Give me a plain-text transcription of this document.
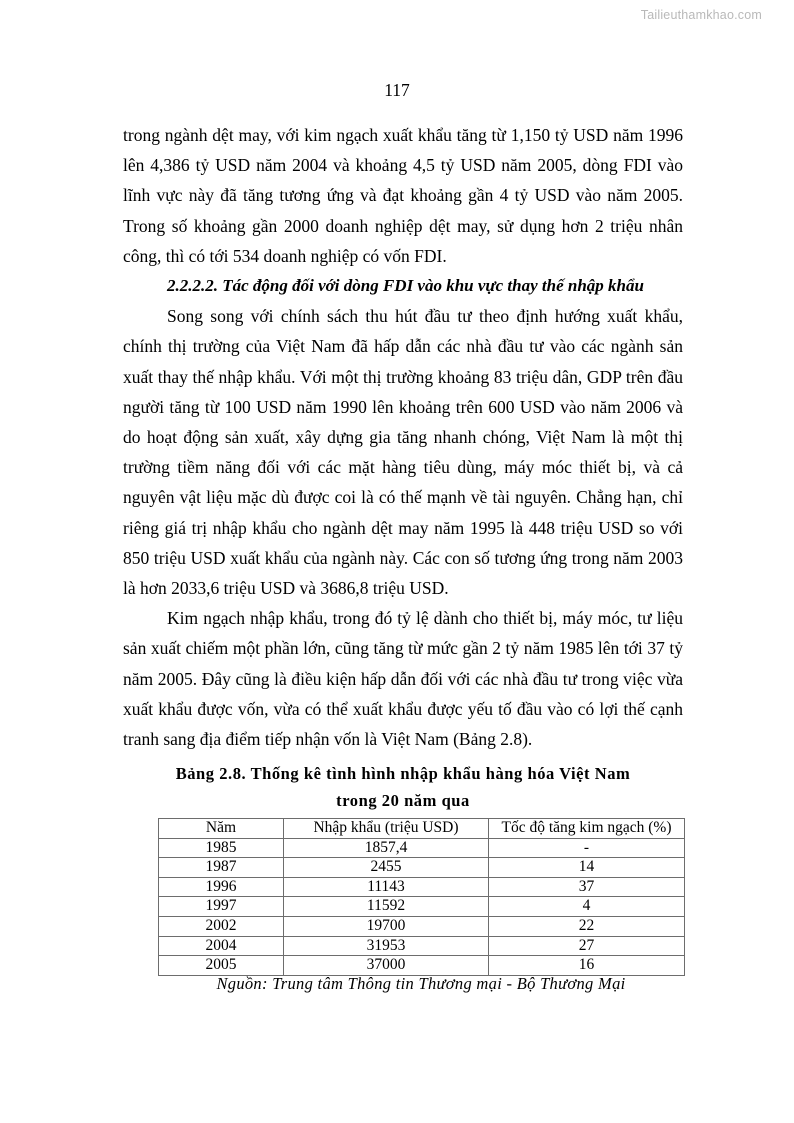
Tailieuthamkhao.com
117

trong ngành dệt may, với kim ngạch xuất khẩu tăng từ 1,150 tỷ USD năm 1996 lên 4,386 tỷ USD năm 2004 và khoảng 4,5 tỷ USD năm 2005, dòng FDI vào lĩnh vực này đã tăng tương ứng và đạt khoảng gần 4 tỷ USD vào năm 2005. Trong số khoảng gần 2000 doanh nghiệp dệt may, sử dụng hơn 2 triệu nhân công, thì có tới 534 doanh nghiệp có vốn FDI.

2.2.2.2. Tác động đối với dòng FDI vào khu vực thay thế nhập khẩu

Song song với chính sách thu hút đầu tư theo định hướng xuất khẩu, chính thị trường của Việt Nam đã hấp dẫn các nhà đầu tư vào các ngành sản xuất thay thế nhập khẩu. Với một thị trường khoảng 83 triệu dân, GDP trên đầu người tăng từ 100 USD năm 1990 lên khoảng trên 600 USD vào năm 2006 và do hoạt động sản xuất, xây dựng gia tăng nhanh chóng, Việt Nam là một thị trường tiềm năng đối với các mặt hàng tiêu dùng, máy móc thiết bị, và cả nguyên vật liệu mặc dù được coi là có thế mạnh về tài nguyên. Chẳng hạn, chỉ riêng giá trị nhập khẩu cho ngành dệt may năm 1995 là 448 triệu USD so với 850 triệu USD xuất khẩu của ngành này. Các con số tương ứng trong năm 2003 là hơn 2033,6 triệu USD và 3686,8 triệu USD.

Kim ngạch nhập khẩu, trong đó tỷ lệ dành cho thiết bị, máy móc, tư liệu sản xuất chiếm một phần lớn, cũng tăng từ mức gần 2 tỷ năm 1985 lên tới 37 tỷ năm 2005. Đây cũng là điều kiện hấp dẫn đối với các nhà đầu tư trong việc vừa xuất khẩu được vốn, vừa có thể xuất khẩu được yếu tố đầu vào có lợi thế cạnh tranh sang địa điểm tiếp nhận vốn là Việt Nam (Bảng 2.8).

Bảng 2.8. Thống kê tình hình nhập khẩu hàng hóa Việt Nam
trong 20 năm qua
Năm	Nhập khẩu (triệu USD)	Tốc độ tăng kim ngạch (%)
1985	1857,4	-
1987	2455	14
1996	11143	37
1997	11592	4
2002	19700	22
2004	31953	27
2005	37000	16
Nguồn: Trung tâm Thông tin Thương mại - Bộ Thương Mại
